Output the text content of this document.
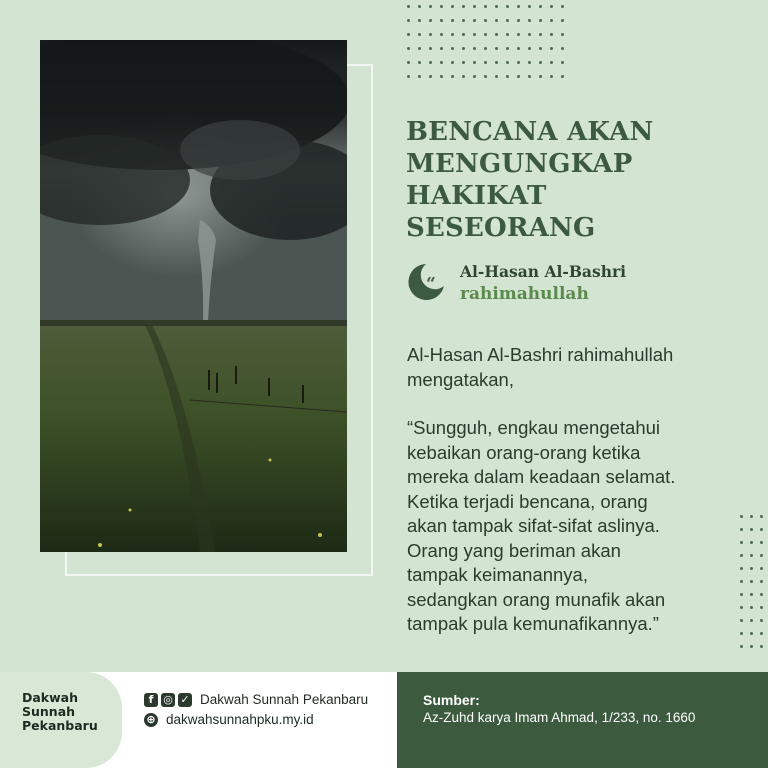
BENCANA AKAN
MENGUNGKAP HAKIKAT
SESEORANG
“
Al-Hasan Al-Bashri
rahimahullah
Al-Hasan Al-Bashri rahimahullah
mengatakan,
“Sungguh, engkau mengetahui
kebaikan orang-orang ketika
mereka dalam keadaan selamat.
Ketika terjadi bencana, orang
akan tampak sifat-sifat aslinya.
Orang yang beriman akan
tampak keimanannya,
sedangkan orang munafik akan
tampak pula kemunafikannya.”
Dakwah
Sunnah
Pekanbaru
f ◎ ✓ Dakwah Sunnah Pekanbaru
⊕ dakwahsunnahpku.my.id
Sumber:
Az-Zuhd karya Imam Ahmad, 1/233, no. 1660
